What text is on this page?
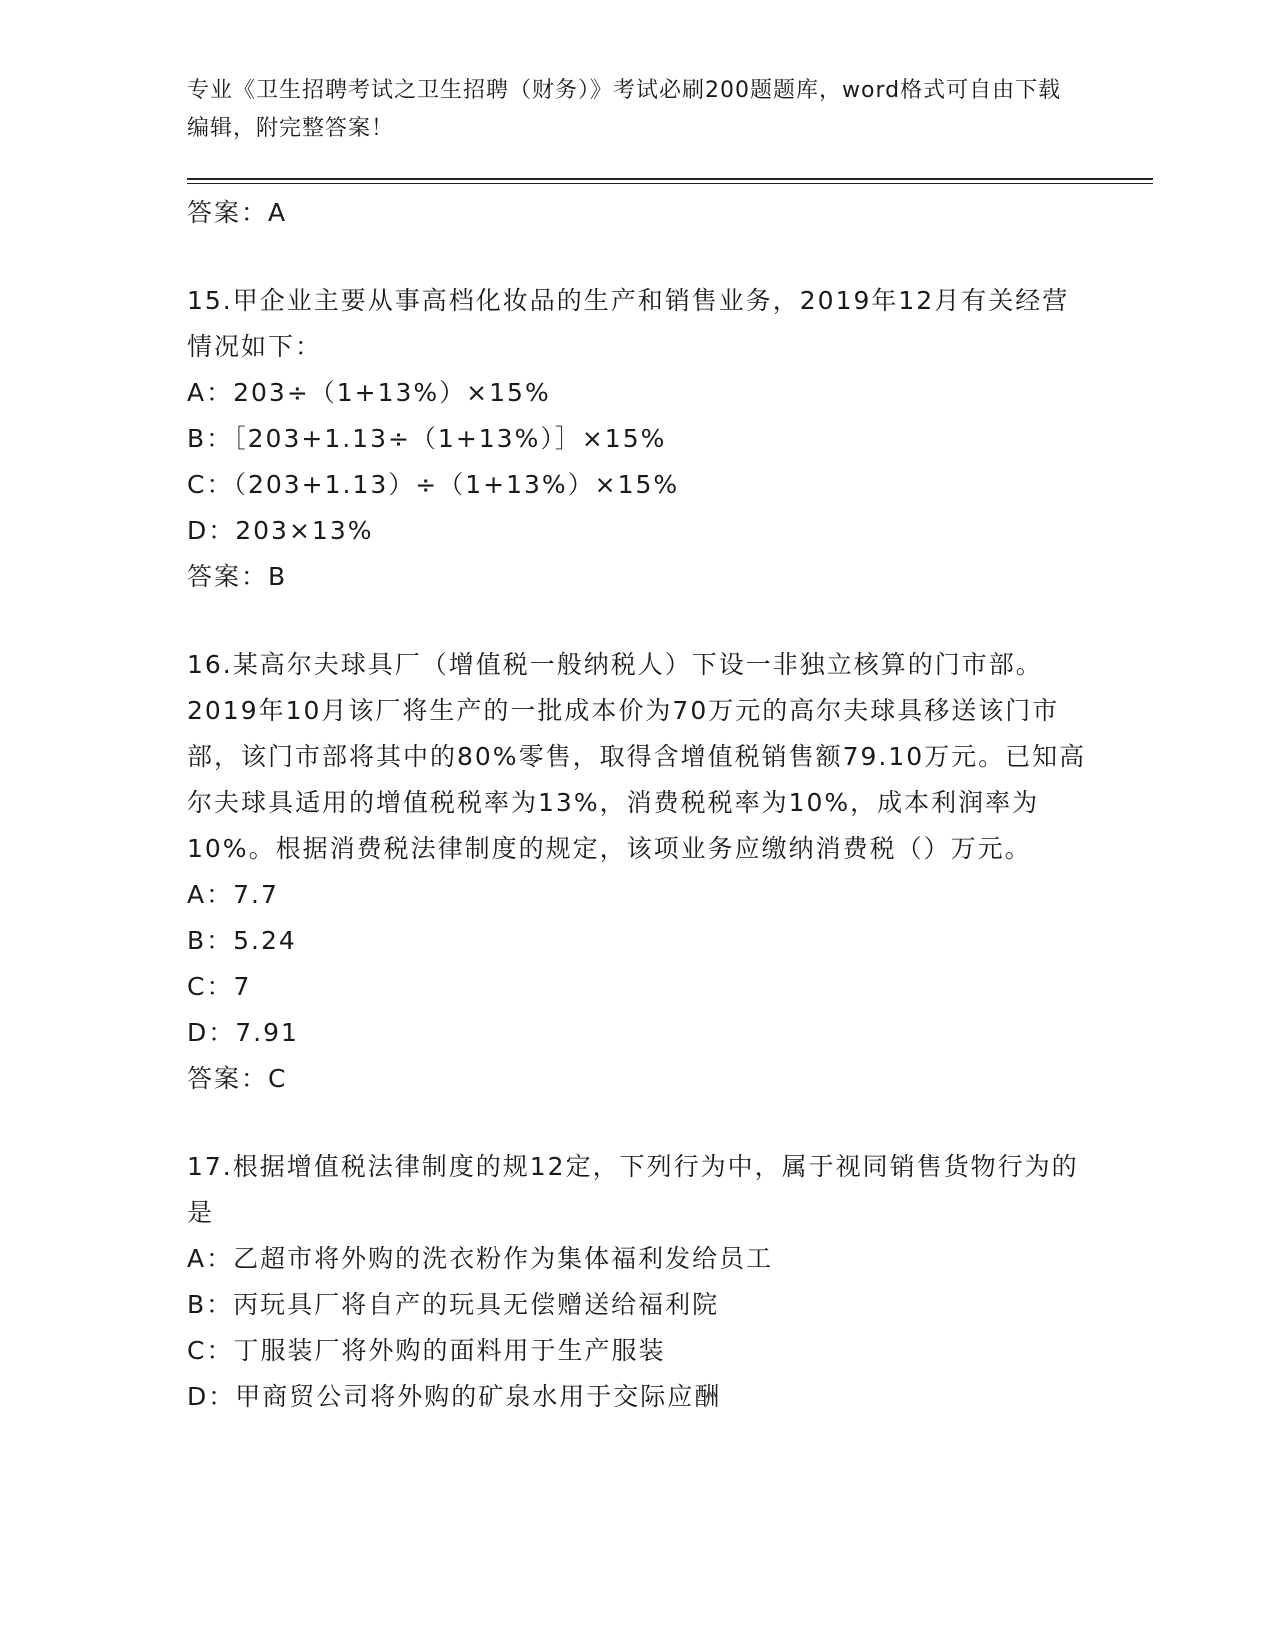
专业《卫生招聘考试之卫生招聘（财务）》考试必刷200题题库，word格式可自由下载编辑，附完整答案！
答案：A
15.甲企业主要从事高档化妆品的生产和销售业务，2019年12月有关经营情况如下：
A：203÷（1+13%）×15%
B：［203+1.13÷（1+13%）］×15%
C：（203+1.13）÷（1+13%）×15%
D：203×13%
答案：B
16.某高尔夫球具厂（增值税一般纳税人）下设一非独立核算的门市部。2019年10月该厂将生产的一批成本价为70万元的高尔夫球具移送该门市部，该门市部将其中的80%零售，取得含增值税销售额79.10万元。已知高尔夫球具适用的增值税税率为13%，消费税税率为10%，成本利润率为10%。根据消费税法律制度的规定，该项业务应缴纳消费税（）万元。
A：7.7
B：5.24
C：7
D：7.91
答案：C
17.根据增值税法律制度的规12定，下列行为中，属于视同销售货物行为的是
A：乙超市将外购的洗衣粉作为集体福利发给员工
B：丙玩具厂将自产的玩具无偿赠送给福利院
C：丁服装厂将外购的面料用于生产服装
D：甲商贸公司将外购的矿泉水用于交际应酬
